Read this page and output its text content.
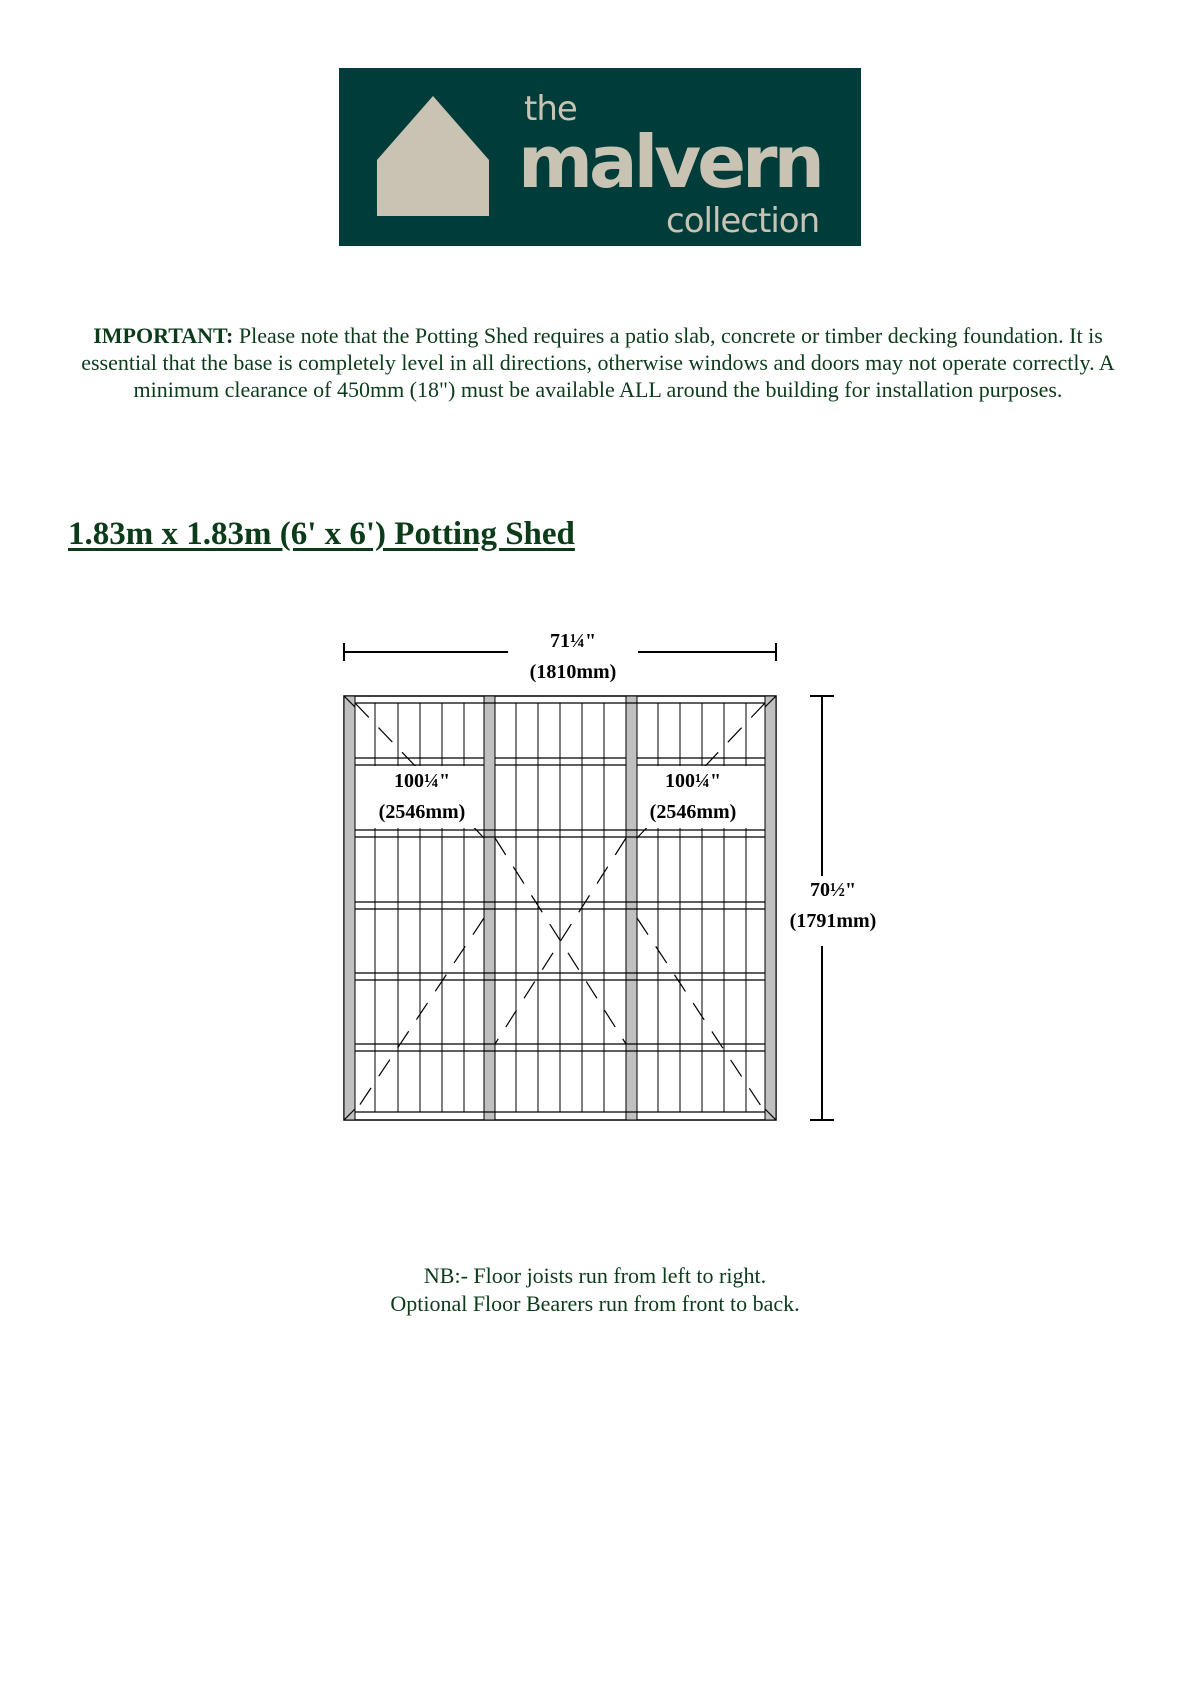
the
malvern
collection

IMPORTANT: Please note that the Potting Shed requires a patio slab, concrete or timber decking foundation. It is essential that the base is completely level in all directions, otherwise windows and doors may not operate correctly. A minimum clearance of 450mm (18") must be available ALL around the building for installation purposes.

1.83m x 1.83m (6' x 6') Potting Shed
71¼"
(1810mm)
70½"
(1791mm)
100¼"
(2546mm)
100¼"
(2546mm)
NB:- Floor joists run from left to right.
Optional Floor Bearers run from front to back.
